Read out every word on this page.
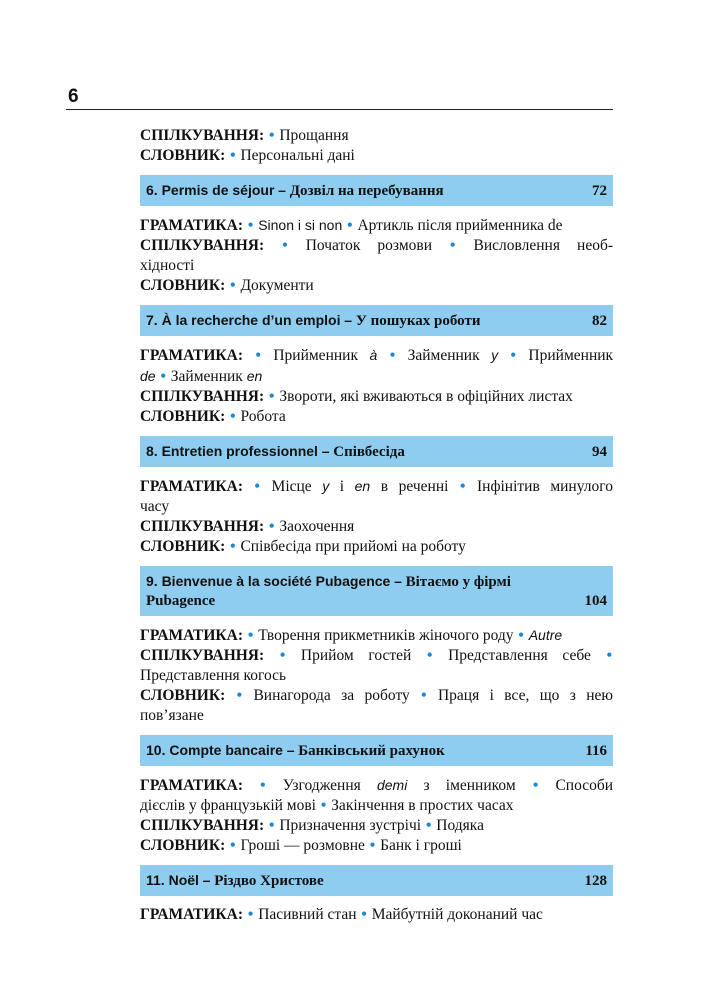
6
СПІЛКУВАННЯ: • Прощання
СЛОВНИК: • Персональні дані
6. Permis de séjour – Дозвіл на перебування	72
ГРАМАТИКА: • Sinon і si non • Артикль після прийменника de
СПІЛКУВАННЯ: • Початок розмови • Висловлення необ-
хідності
СЛОВНИК: • Документи
7. À la recherche d’un emploi – У пошуках роботи	82
ГРАМАТИКА: • Прийменник à • Займенник y • Прийменник
de • Займенник en
СПІЛКУВАННЯ: • Звороти, які вживаються в офіційних листах
СЛОВНИК: • Робота
8. Entretien professionnel – Співбесіда	94
ГРАМАТИКА: • Місце y і en в реченні • Інфінітив минулого
часу
СПІЛКУВАННЯ: • Заохочення
СЛОВНИК: • Співбесіда при прийомі на роботу
9. Bienvenue à la société Pubagence – Вітаємо у фірмі
Pubagence	104
ГРАМАТИКА: • Творення прикметників жіночого роду • Autre
СПІЛКУВАННЯ: • Прийом гостей • Представлення себе •
Представлення когось
СЛОВНИК: • Винагорода за роботу • Праця і все, що з нею
пов’язане
10. Compte bancaire – Банківський рахунок	116
ГРАМАТИКА: • Узгодження demi з іменником • Способи
дієслів у французькій мові • Закінчення в простих часах
СПІЛКУВАННЯ: • Призначення зустрічі • Подяка
СЛОВНИК: • Гроші — розмовне • Банк і гроші
11. Noël – Різдво Христове	128
ГРАМАТИКА: • Пасивний стан • Майбутній доконаний час
